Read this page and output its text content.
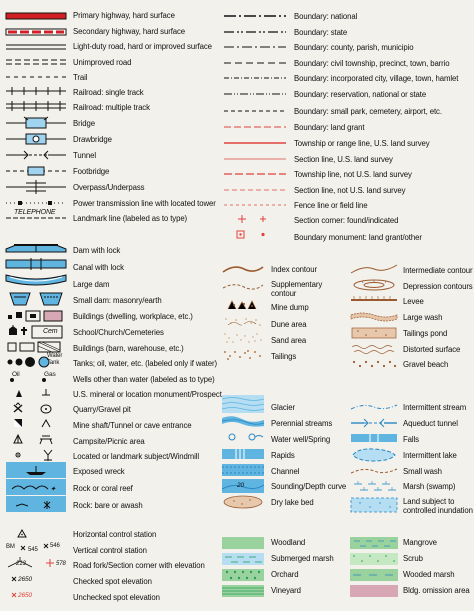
TELEPHONE
Primary highway, hard surface
Secondary highway, hard surface
Light-duty road, hard or improved surface
Unimproved road
Trail
Railroad: single track
Railroad: multiple track
Bridge
Drawbridge
Tunnel
Footbridge
Overpass/Underpass
Power transmission line with located tower
Landmark line (labeled as to type)
Boundary: national
Boundary: state
Boundary: county, parish, municipio
Boundary: civil township, precinct, town, barrio
Boundary: incorporated city, village, town, hamlet
Boundary: reservation, national or state
Boundary: small park, cemetery, airport, etc.
Boundary: land grant
Township or range line, U.S. land survey
Section line, U.S. land survey
Township line, not U.S. land survey
Section line, not U.S. land survey
Fence line or field line
Section corner: found/indicated
Boundary monument: land grant/other
Cem
Water
Tank
Oil	Gas
✦
Dam with lock
Canal with lock
Large dam
Small dam: masonry/earth
Buildings (dwelling, workplace, etc.)
School/Church/Cemeteries
Buildings (barn, warehouse, etc.)
Tanks; oil, water, etc. (labeled only if water)
Wells other than water (labeled as to type)
U.S. mineral or location monument/Prospect
Quarry/Gravel pit
Mine shaft/Tunnel or cave entrance
Campsite/Picnic area
Located or landmark subject/Windmill
Exposed wreck
Rock or coral reef
Rock: bare or awash
Index contour
Supplementary
contour
Mine dump
Dune area
Sand area
Tailings
Intermediate contour
Depression contours
Levee
Large wash
Tailings pond
Distorted surface
Gravel beach
20
Glacier
Perennial streams
Water well/Spring
Rapids
Channel
Sounding/Depth curve
Dry lake bed
Intermittent stream
Aqueduct tunnel
Falls
Intermittent lake
Small wash
Marsh (swamp)
Land subject to
controlled inundation
BM 545
546
213	578
2650
2650
Horizontal control station
Vertical control station
Road fork/Section corner with elevation
Checked spot elevation
Unchecked spot elevation
Woodland
Submerged marsh
Orchard
Vineyard
Mangrove
Scrub
Wooded marsh
Bldg. omission area
